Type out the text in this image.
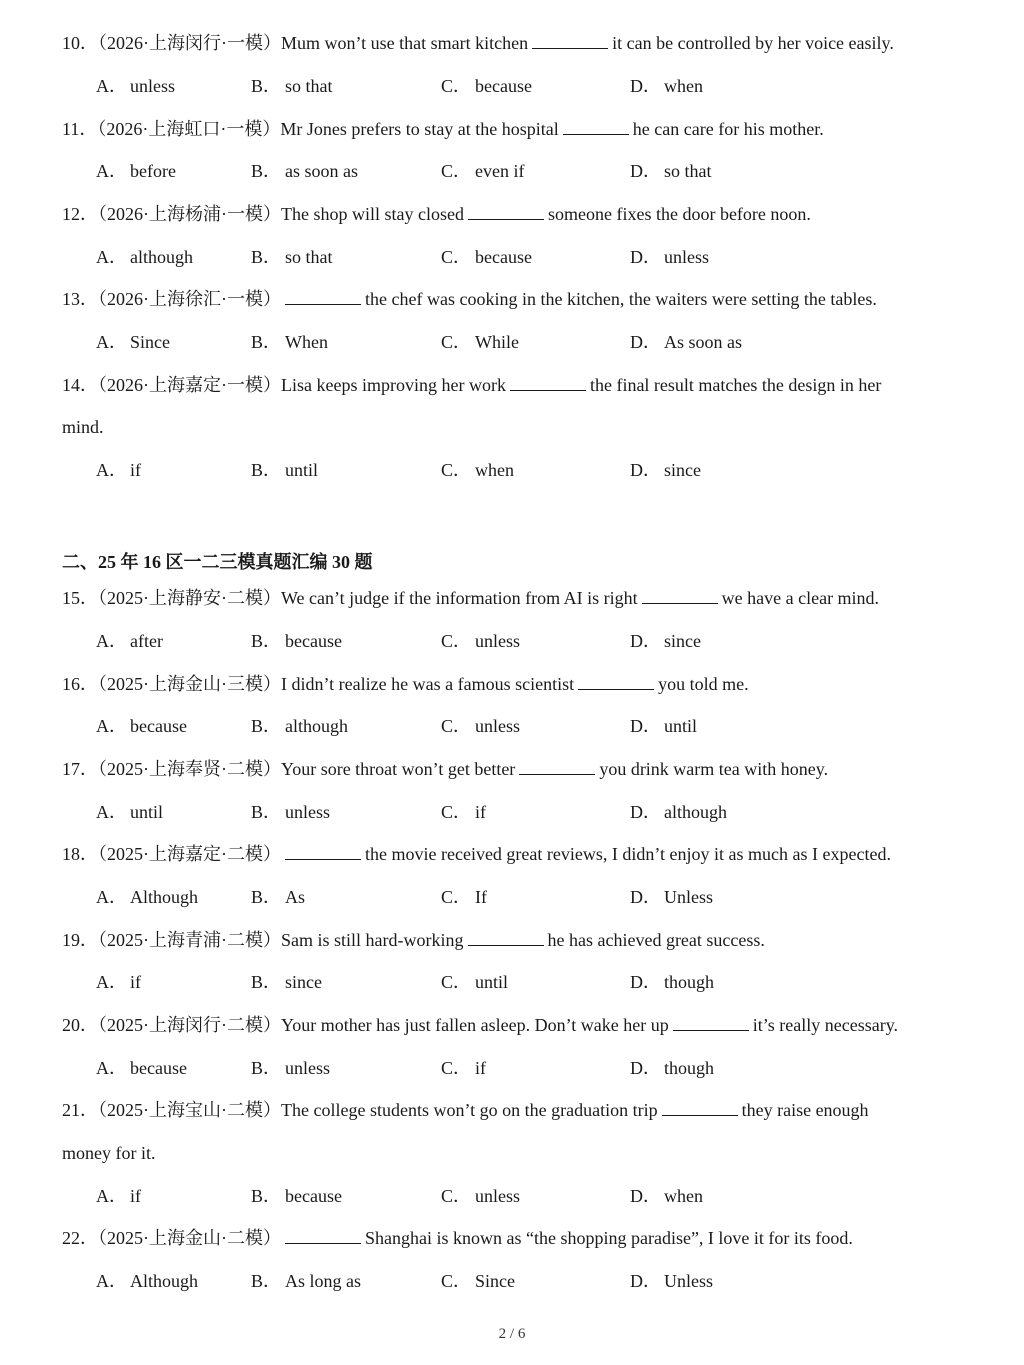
10．（2026·上海闵行·一模）Mum won’t use that smart kitchen	it can be controlled by her voice easily.
A． unless	B． so that	C． because	D． when
11．（2026·上海虹口·一模）Mr Jones prefers to stay at the hospital	he can care for his mother.
A． before	B． as soon as	C． even if	D． so that
12．（2026·上海杨浦·一模）The shop will stay closed	someone fixes the door before noon.
A． although	B． so that	C． because	D． unless
13．（2026·上海徐汇·一模）	the chef was cooking in the kitchen, the waiters were setting the tables.
A． Since	B． When	C． While	D． As soon as
14．（2026·上海嘉定·一模）Lisa keeps improving her work	the final result matches the design in her
mind.
A． if	B． until	C． when	D． since
二、25 年 16 区一二三模真题汇编 30 题
15．（2025·上海静安·二模）We can’t judge if the information from AI is right	we have a clear mind.
A． after	B． because	C． unless	D． since
16．（2025·上海金山·三模）I didn’t realize he was a famous scientist	you told me.
A． because	B． although	C． unless	D． until
17．（2025·上海奉贤·二模）Your sore throat won’t get better	you drink warm tea with honey.
A． until	B． unless	C． if	D． although
18．（2025·上海嘉定·二模）	the movie received great reviews, I didn’t enjoy it as much as I expected.
A． Although	B． As	C． If	D． Unless
19．（2025·上海青浦·二模）Sam is still hard-working	he has achieved great success.
A． if	B． since	C． until	D． though
20．（2025·上海闵行·二模）Your mother has just fallen asleep. Don’t wake her up	it’s really necessary.
A． because	B． unless	C． if	D． though
21．（2025·上海宝山·二模）The college students won’t go on the graduation trip	they raise enough
money for it.
A． if	B． because	C． unless	D． when
22．（2025·上海金山·二模）	Shanghai is known as “the shopping paradise”, I love it for its food.
A． Although	B． As long as	C． Since	D． Unless
2 / 6
